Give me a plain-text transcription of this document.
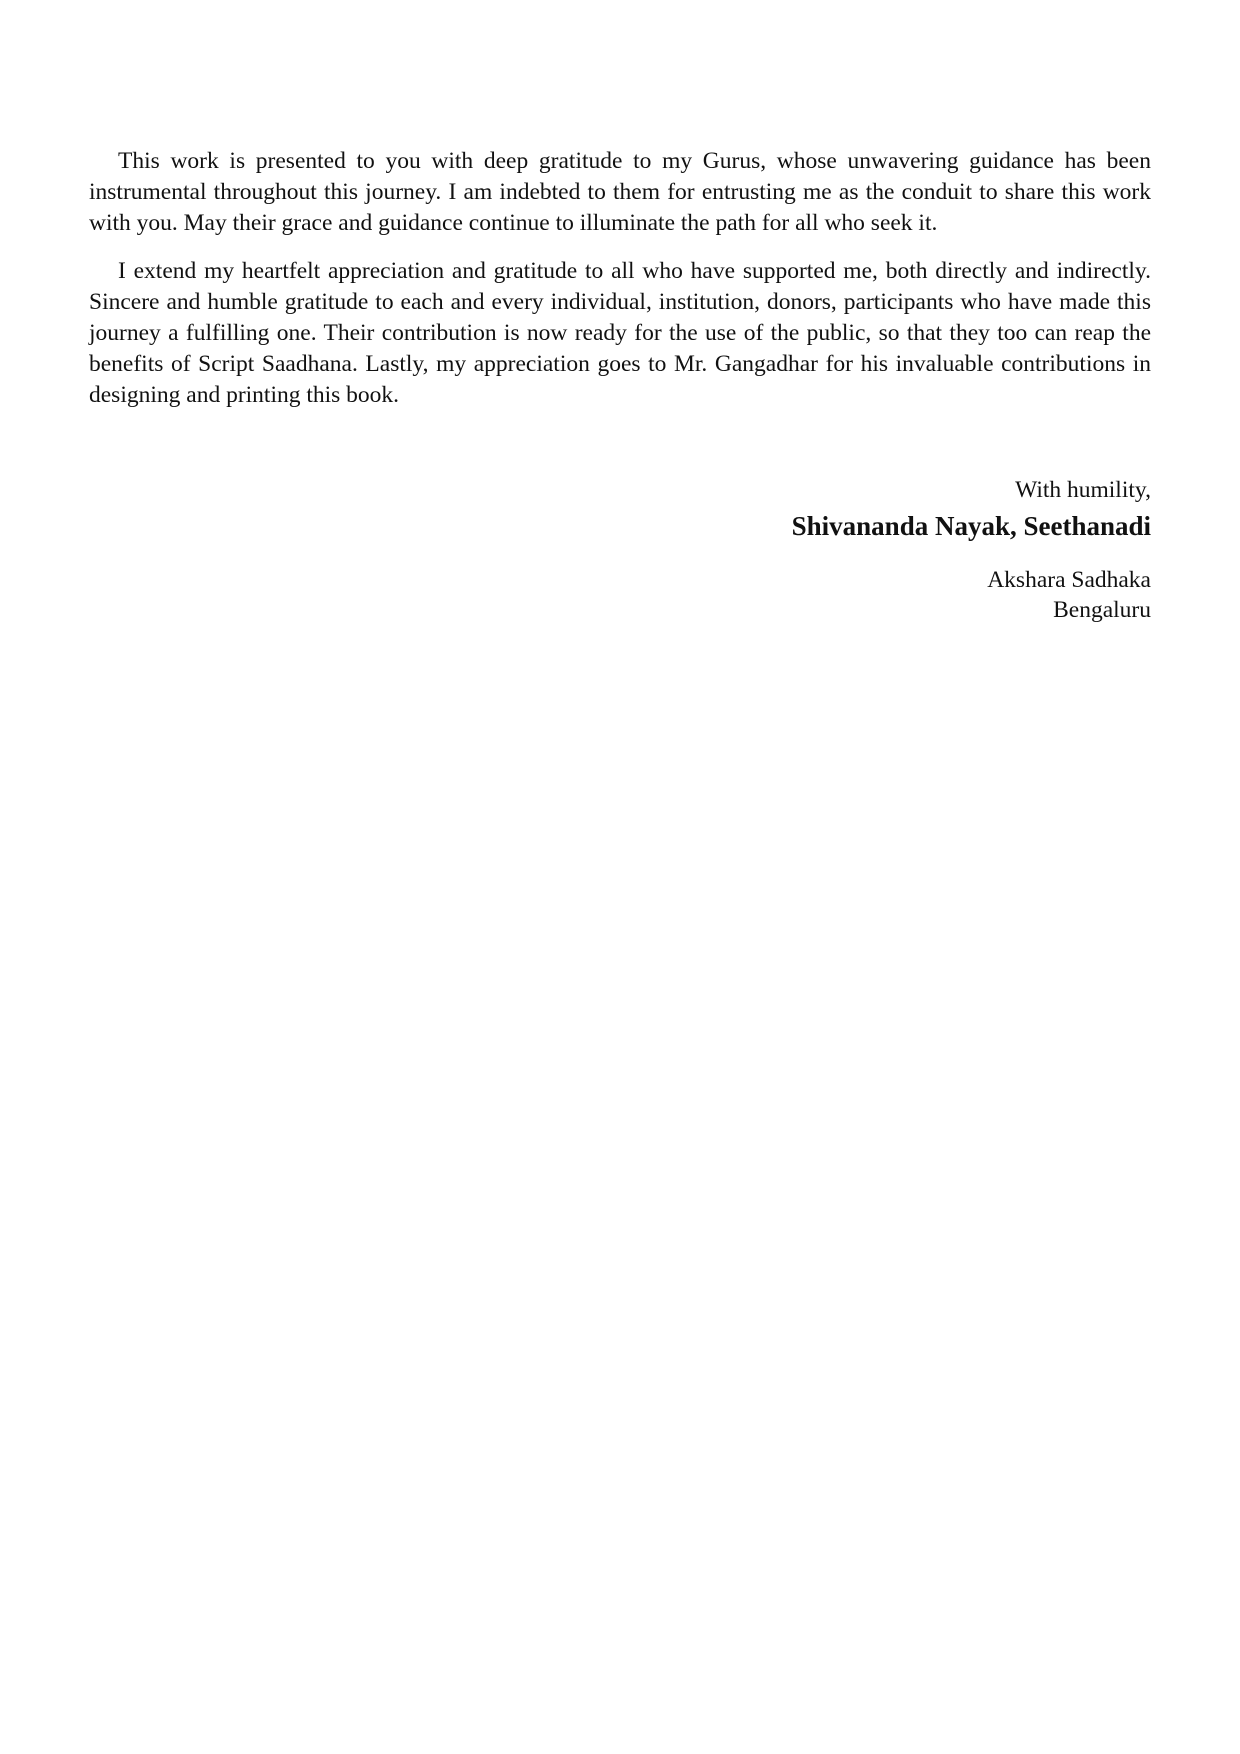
This work is presented to you with deep gratitude to my Gurus, whose unwavering guidance has been instrumental throughout this journey. I am indebted to them for entrusting me as the conduit to share this work with you. May their grace and guidance continue to illuminate the path for all who seek it.

I extend my heartfelt appreciation and gratitude to all who have supported me, both directly and indirectly. Sincere and humble gratitude to each and every individual, institution, donors, participants who have made this journey a fulfilling one. Their contribution is now ready for the use of the public, so that they too can reap the benefits of Script Saadhana. Lastly, my appreciation goes to Mr. Gangadhar for his invaluable contributions in designing and printing this book.

With humility,

Shivananda Nayak, Seethanadi

Akshara Sadhaka

Bengaluru
